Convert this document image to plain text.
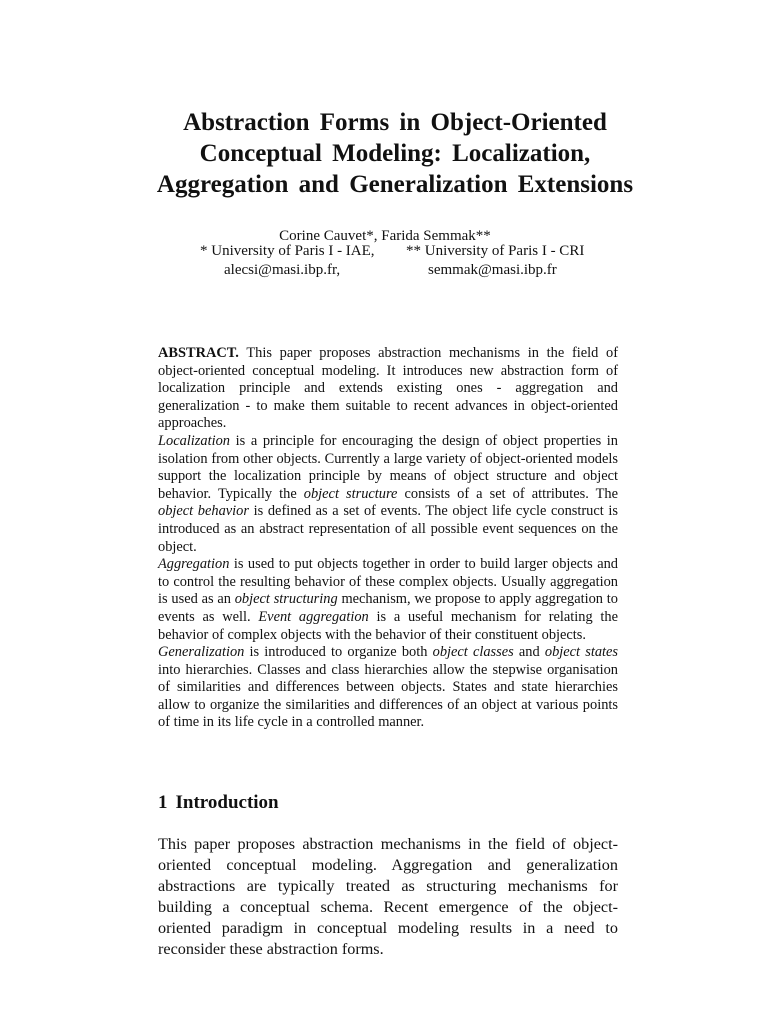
Abstraction Forms in Object-Oriented
Conceptual Modeling: Localization,
Aggregation and Generalization Extensions
Corine Cauvet*, Farida Semmak**
* University of Paris I - IAE,
alecsi@masi.ibp.fr,
** University of Paris I - CRI
semmak@masi.ibp.fr

ABSTRACT. This paper proposes abstraction mechanisms in the field of object-oriented conceptual modeling. It introduces new abstraction form of localization principle and extends existing ones - aggregation and generalization - to make them suitable to recent advances in object-oriented approaches.

Localization is a principle for encouraging the design of object properties in isolation from other objects. Currently a large variety of object-oriented models support the localization principle by means of object structure and object behavior. Typically the object structure consists of a set of attributes. The object behavior is defined as a set of events. The object life cycle construct is introduced as an abstract representation of all possible event sequences on the object.

Aggregation is used to put objects together in order to build larger objects and to control the resulting behavior of these complex objects. Usually aggregation is used as an object structuring mechanism, we propose to apply aggregation to events as well. Event aggregation is a useful mechanism for relating the behavior of complex objects with the behavior of their constituent objects.

Generalization is introduced to organize both object classes and object states into hierarchies. Classes and class hierarchies allow the stepwise organisation of similarities and differences between objects. States and state hierarchies allow to organize the similarities and differences of an object at various points of time in its life cycle in a controlled manner.

1 Introduction

This paper proposes abstraction mechanisms in the field of object-oriented conceptual modeling. Aggregation and generalization abstractions are typically treated as structuring mechanisms for building a conceptual schema. Recent emergence of the object-oriented paradigm in conceptual modeling results in a need to reconsider these abstraction forms.
